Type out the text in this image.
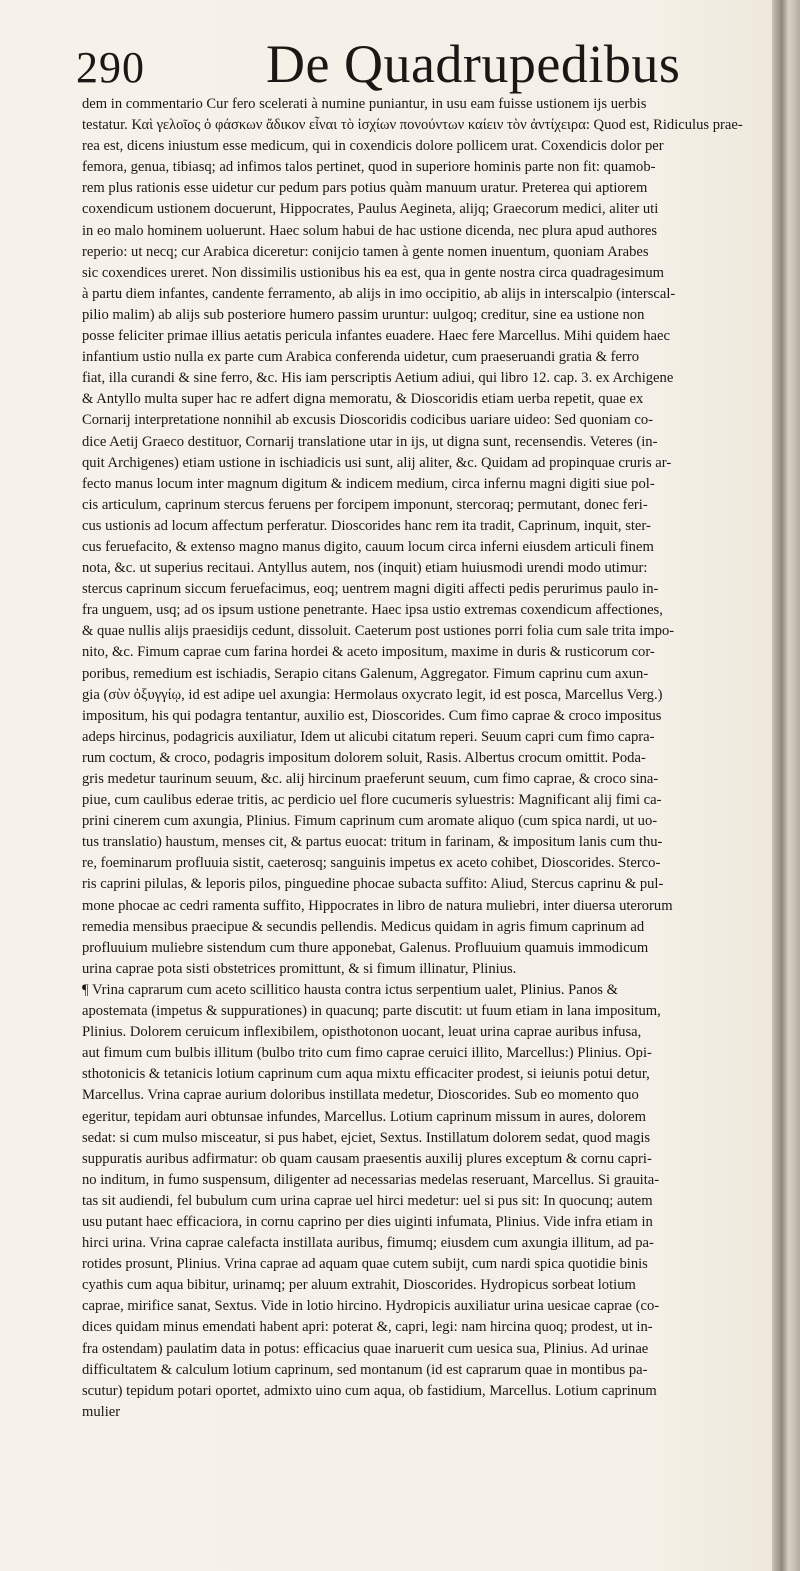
290 De Quadrupedibus
dem in commentario Cur fero scelerati à numine puniantur, in usu eam fuisse ustionem ijs uerbis
testatur. Καὶ γελοῖος ὁ φάσκων ἄδικον εἶναι τὸ ἰσχίων πονούντων καίειν τὸν ἀντίχειρα: Quod est, Ridiculus prae-
rea est, dicens iniustum esse medicum, qui in coxendicis dolore pollicem urat. Coxendicis dolor per
femora, genua, tibiasq; ad infimos talos pertinet, quod in superiore hominis parte non fit: quamob-
rem plus rationis esse uidetur cur pedum pars potius quàm manuum uratur. Preterea qui aptiorem
coxendicum ustionem docuerunt, Hippocrates, Paulus Aegineta, alijq; Graecorum medici, aliter uti
in eo malo hominem uoluerunt. Haec solum habui de hac ustione dicenda, nec plura apud authores
reperio: ut necq; cur Arabica diceretur: conijcio tamen à gente nomen inuentum, quoniam Arabes
sic coxendices ureret. Non dissimilis ustionibus his ea est, qua in gente nostra circa quadragesimum
à partu diem infantes, candente ferramento, ab alijs in imo occipitio, ab alijs in interscalpio (interscal-
pilio malim) ab alijs sub posteriore humero passim uruntur: uulgoq; creditur, sine ea ustione non
posse feliciter primae illius aetatis pericula infantes euadere. Haec fere Marcellus. Mihi quidem haec
infantium ustio nulla ex parte cum Arabica conferenda uidetur, cum praeseruandi gratia & ferro
fiat, illa curandi & sine ferro, &c. His iam perscriptis Aetium adiui, qui libro 12. cap. 3. ex Archigene
& Antyllo multa super hac re adfert digna memoratu, & Dioscoridis etiam uerba repetit, quae ex
Cornarij interpretatione nonnihil ab excusis Dioscoridis codicibus uariare uideo: Sed quoniam co-
dice Aetij Graeco destituor, Cornarij translatione utar in ijs, ut digna sunt, recensendis. Veteres (in-
quit Archigenes) etiam ustione in ischiadicis usi sunt, alij aliter, &c. Quidam ad propinquae cruris ar-
fecto manus locum inter magnum digitum & indicem medium, circa infernu magni digiti siue pol-
cis articulum, caprinum stercus feruens per forcipem imponunt, stercoraq; permutant, donec feri-
cus ustionis ad locum affectum perferatur. Dioscorides hanc rem ita tradit, Caprinum, inquit, ster-
cus feruefacito, & extenso magno manus digito, cauum locum circa inferni eiusdem articuli finem
nota, &c. ut superius recitaui. Antyllus autem, nos (inquit) etiam huiusmodi urendi modo utimur:
stercus caprinum siccum feruefacimus, eoq; uentrem magni digiti affecti pedis perurimus paulo in-
fra unguem, usq; ad os ipsum ustione penetrante. Haec ipsa ustio extremas coxendicum affectiones,
& quae nullis alijs praesidijs cedunt, dissoluit. Caeterum post ustiones porri folia cum sale trita impo-
nito, &c. Fimum caprae cum farina hordei & aceto impositum, maxime in duris & rusticorum cor-
poribus, remedium est ischiadis, Serapio citans Galenum, Aggregator. Fimum caprinu cum axun-
gia (σὺν ὀξυγγίῳ, id est adipe uel axungia: Hermolaus oxycrato legit, id est posca, Marcellus Verg.)
impositum, his qui podagra tentantur, auxilio est, Dioscorides. Cum fimo caprae & croco impositus
adeps hircinus, podagricis auxiliatur, Idem ut alicubi citatum reperi. Seuum capri cum fimo capra-
rum coctum, & croco, podagris impositum dolorem soluit, Rasis. Albertus crocum omittit. Poda-
gris medetur taurinum seuum, &c. alij hircinum praeferunt seuum, cum fimo caprae, & croco sina-
piue, cum caulibus ederae tritis, ac perdicio uel flore cucumeris syluestris: Magnificant alij fimi ca-
prini cinerem cum axungia, Plinius. Fimum caprinum cum aromate aliquo (cum spica nardi, ut uo-
tus translatio) haustum, menses cit, & partus euocat: tritum in farinam, & impositum lanis cum thu-
re, foeminarum profluuia sistit, caeterosq; sanguinis impetus ex aceto cohibet, Dioscorides. Sterco-
ris caprini pilulas, & leporis pilos, pinguedine phocae subacta suffito: Aliud, Stercus caprinu & pul-
mone phocae ac cedri ramenta suffito, Hippocrates in libro de natura muliebri, inter diuersa uterorum
remedia mensibus praecipue & secundis pellendis. Medicus quidam in agris fimum caprinum ad
profluuium muliebre sistendum cum thure apponebat, Galenus. Profluuium quamuis immodicum
urina caprae pota sisti obstetrices promittunt, & si fimum illinatur, Plinius.
¶ Vrina caprarum cum aceto scillitico hausta contra ictus serpentium ualet, Plinius. Panos &
apostemata (impetus & suppurationes) in quacunq; parte discutit: ut fuum etiam in lana impositum,
Plinius. Dolorem ceruicum inflexibilem, opisthotonon uocant, leuat urina caprae auribus infusa,
aut fimum cum bulbis illitum (bulbo trito cum fimo caprae ceruici illito, Marcellus:) Plinius. Opi-
sthotonicis & tetanicis lotium caprinum cum aqua mixtu efficaciter prodest, si ieiunis potui detur,
Marcellus. Vrina caprae aurium doloribus instillata medetur, Dioscorides. Sub eo momento quo
egeritur, tepidam auri obtunsae infundes, Marcellus. Lotium caprinum missum in aures, dolorem
sedat: si cum mulso misceatur, si pus habet, ejciet, Sextus. Instillatum dolorem sedat, quod magis
suppuratis auribus adfirmatur: ob quam causam praesentis auxilij plures exceptum & cornu capri-
no inditum, in fumo suspensum, diligenter ad necessarias medelas reseruant, Marcellus. Si grauita-
tas sit audiendi, fel bubulum cum urina caprae uel hirci medetur: uel si pus sit: In quocunq; autem
usu putant haec efficaciora, in cornu caprino per dies uiginti infumata, Plinius. Vide infra etiam in
hirci urina. Vrina caprae calefacta instillata auribus, fimumq; eiusdem cum axungia illitum, ad pa-
rotides prosunt, Plinius. Vrina caprae ad aquam quae cutem subijt, cum nardi spica quotidie binis
cyathis cum aqua bibitur, urinamq; per aluum extrahit, Dioscorides. Hydropicus sorbeat lotium
caprae, mirifice sanat, Sextus. Vide in lotio hircino. Hydropicis auxiliatur urina uesicae caprae (co-
dices quidam minus emendati habent apri: poterat &, capri, legi: nam hircina quoq; prodest, ut in-
fra ostendam) paulatim data in potus: efficacius quae inaruerit cum uesica sua, Plinius. Ad urinae
difficultatem & calculum lotium caprinum, sed montanum (id est caprarum quae in montibus pa-
scutur) tepidum potari oportet, admixto uino cum aqua, ob fastidium, Marcellus. Lotium caprinum
mulier
